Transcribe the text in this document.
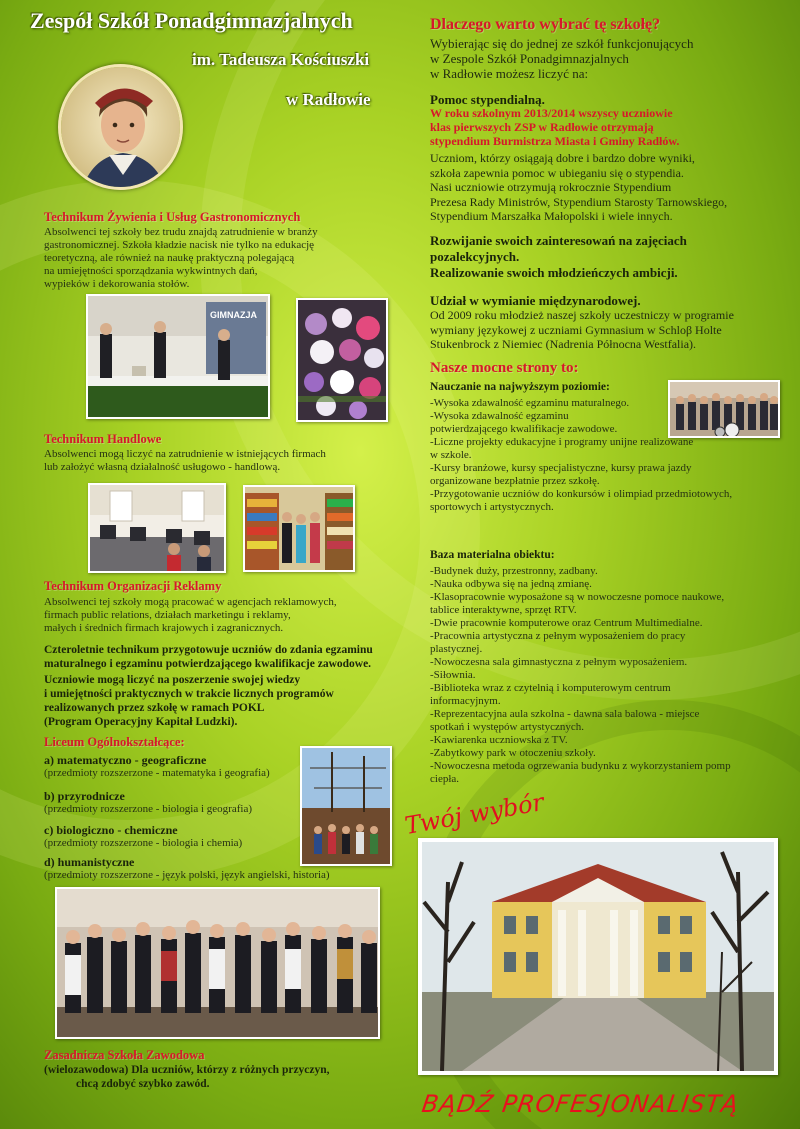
Zespół Szkół Ponadgimnazjalnych
im. Tadeusza Kościuszki
w Radłowie
Technikum Żywienia i Usług Gastronomicznych
Absolwenci tej szkoły bez trudu znajdą zatrudnienie w branży
gastronomicznej. Szkoła kładzie nacisk nie tylko na edukację
teoretyczną, ale również na naukę praktyczną polegającą
na umiejętności sporządzania wykwintnych dań,
wypieków i dekorowania stołów.
GIMNAZJA
Technikum Handlowe
Absolwenci mogą liczyć na zatrudnienie w istniejących firmach
lub założyć własną działalność usługowo - handlową.
Technikum Organizacji Reklamy
Absolwenci tej szkoły mogą pracować w agencjach reklamowych,
firmach public relations, działach marketingu i reklamy,
małych i średnich firmach krajowych i zagranicznych.
Czteroletnie technikum przygotowuje uczniów do zdania egzaminu
maturalnego i egzaminu potwierdzającego kwalifikacje zawodowe.
Uczniowie mogą liczyć na poszerzenie swojej wiedzy
i umiejętności praktycznych w trakcie licznych programów
realizowanych przez szkołę w ramach POKL
(Program Operacyjny Kapitał Ludzki).
Liceum Ogólnokształcące:
a) matematyczno - geograficzne
(przedmioty rozszerzone - matematyka i geografia)
b) przyrodnicze
(przedmioty rozszerzone - biologia i geografia)
c) biologiczno - chemiczne
(przedmioty rozszerzone - biologia i chemia)
d) humanistyczne
(przedmioty rozszerzone - język polski, język angielski, historia)
Zasadnicza Szkoła Zawodowa
(wielozawodowa) Dla uczniów, którzy z różnych przyczyn,
chcą zdobyć szybko zawód.
Dlaczego warto wybrać tę szkołę?
Wybierając się do jednej ze szkół funkcjonujących
w Zespole Szkół Ponadgimnazjalnych
w Radłowie możesz liczyć na:
Pomoc stypendialną.
W roku szkolnym 2013/2014 wszyscy uczniowie
klas pierwszych ZSP w Radłowie otrzymają
stypendium Burmistrza Miasta i Gminy Radłów.
Uczniom, którzy osiągają dobre i bardzo dobre wyniki,
szkoła zapewnia pomoc w ubieganiu się o stypendia.
Nasi uczniowie otrzymują rokrocznie Stypendium
Prezesa Rady Ministrów, Stypendium Starosty Tarnowskiego,
Stypendium Marszałka Małopolski i wiele innych.
Rozwijanie swoich zainteresowań na zajęciach
pozalekcyjnych.
Realizowanie swoich młodzieńczych ambicji.
Udział w wymianie międzynarodowej.
Od 2009 roku młodzież naszej szkoły uczestniczy w programie
wymiany językowej z uczniami Gymnasium w Schloβ Holte
Stukenbrock z Niemiec (Nadrenia Północna Westfalia).
Nasze mocne strony to:
Nauczanie na najwyższym poziomie:
-Wysoka zdawalność egzaminu maturalnego.
-Wysoka zdawalność egzaminu
potwierdzającego kwalifikacje zawodowe.
-Liczne projekty edukacyjne i programy unijne realizowane
w szkole.
-Kursy branżowe, kursy specjalistyczne, kursy prawa jazdy
organizowane bezpłatnie przez szkołę.
-Przygotowanie uczniów do konkursów i olimpiad przedmiotowych,
sportowych i artystycznych.
Baza materialna obiektu:
-Budynek duży, przestronny, zadbany.
-Nauka odbywa się na jedną zmianę.
-Klasopracownie wyposażone są w nowoczesne pomoce naukowe,
tablice interaktywne, sprzęt RTV.
-Dwie pracownie komputerowe oraz Centrum Multimedialne.
-Pracownia artystyczna z pełnym wyposażeniem do pracy
plastycznej.
-Nowoczesna sala gimnastyczna z pełnym wyposażeniem.
-Siłownia.
-Biblioteka wraz z czytelnią i komputerowym centrum
informacyjnym.
-Reprezentacyjna aula szkolna - dawna sala balowa - miejsce
spotkań i występów artystycznych.
-Kawiarenka uczniowska z TV.
-Zabytkowy park w otoczeniu szkoły.
-Nowoczesna metoda ogrzewania budynku z wykorzystaniem pomp
ciepła.
Twój wybór
BĄDŹ PROFESJONALISTĄ
